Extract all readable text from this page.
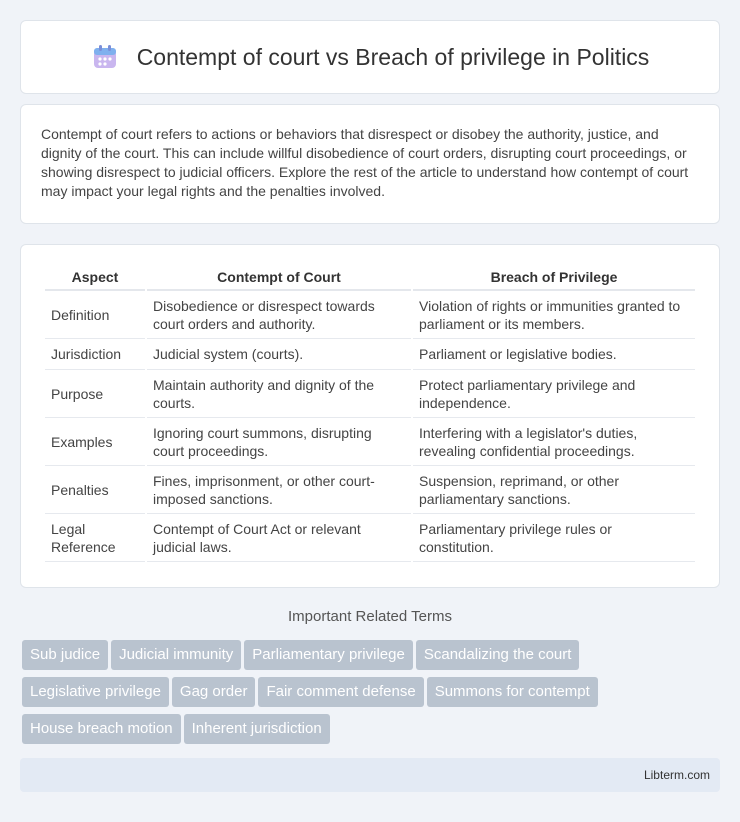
Contempt of court vs Breach of privilege in Politics

Contempt of court refers to actions or behaviors that disrespect or disobey the authority, justice, and dignity of the court. This can include willful disobedience of court orders, disrupting court proceedings, or showing disrespect to judicial officers. Explore the rest of the article to understand how contempt of court may impact your legal rights and the penalties involved.

Aspect	Contempt of Court	Breach of Privilege
Definition	Disobedience or disrespect towards court orders and authority.	Violation of rights or immunities granted to parliament or its members.
Jurisdiction	Judicial system (courts).	Parliament or legislative bodies.
Purpose	Maintain authority and dignity of the courts.	Protect parliamentary privilege and independence.
Examples	Ignoring court summons, disrupting court proceedings.	Interfering with a legislator's duties, revealing confidential proceedings.
Penalties	Fines, imprisonment, or other court-imposed sanctions.	Suspension, reprimand, or other parliamentary sanctions.
Legal Reference	Contempt of Court Act or relevant judicial laws.	Parliamentary privilege rules or constitution.
Important Related Terms
Sub judice Judicial immunity Parliamentary privilege Scandalizing the court
Legislative privilege Gag order Fair comment defense Summons for contempt
House breach motion Inherent jurisdiction
Libterm.com
